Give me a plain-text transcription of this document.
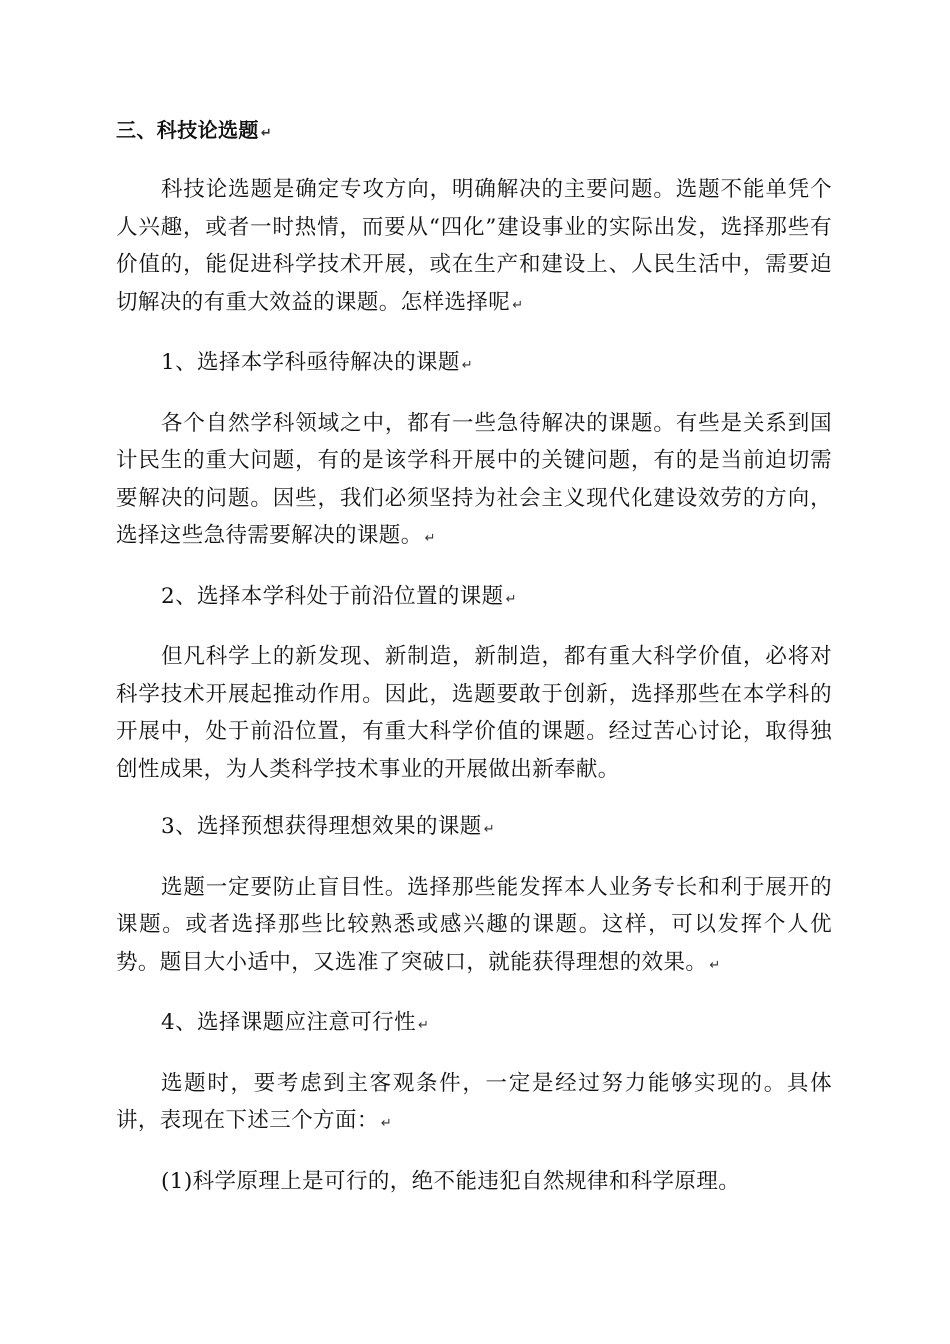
三、科技论选题 ↵

科技论选题是确定专攻方向，明确解决的主要问题。选题不能单凭个人兴趣，或者一时热情，而要从“四化”建设事业的实际出发，选择那些有价值的，能促进科学技术开展，或在生产和建设上、人民生活中，需要迫切解决的有重大效益的课题。怎样选择呢 ↵

1、选择本学科亟待解决的课题 ↵

各个自然学科领域之中，都有一些急待解决的课题。有些是关系到国计民生的重大问题，有的是该学科开展中的关键问题，有的是当前迫切需要解决的问题。因些，我们必须坚持为社会主义现代化建设效劳的方向，选择这些急待需要解决的课题。 ↵

2、选择本学科处于前沿位置的课题 ↵

但凡科学上的新发现、新制造，新制造，都有重大科学价值，必将对科学技术开展起推动作用。因此，选题要敢于创新，选择那些在本学科的开展中，处于前沿位置，有重大科学价值的课题。经过苦心讨论，取得独创性成果，为人类科学技术事业的开展做出新奉献。

3、选择预想获得理想效果的课题 ↵

选题一定要防止盲目性。选择那些能发挥本人业务专长和利于展开的课题。或者选择那些比较熟悉或感兴趣的课题。这样，可以发挥个人优势。题目大小适中，又选准了突破口，就能获得理想的效果。 ↵

4、选择课题应注意可行性 ↵

选题时，要考虑到主客观条件，一定是经过努力能够实现的。具体讲，表现在下述三个方面： ↵

(1)科学原理上是可行的，绝不能违犯自然规律和科学原理。
